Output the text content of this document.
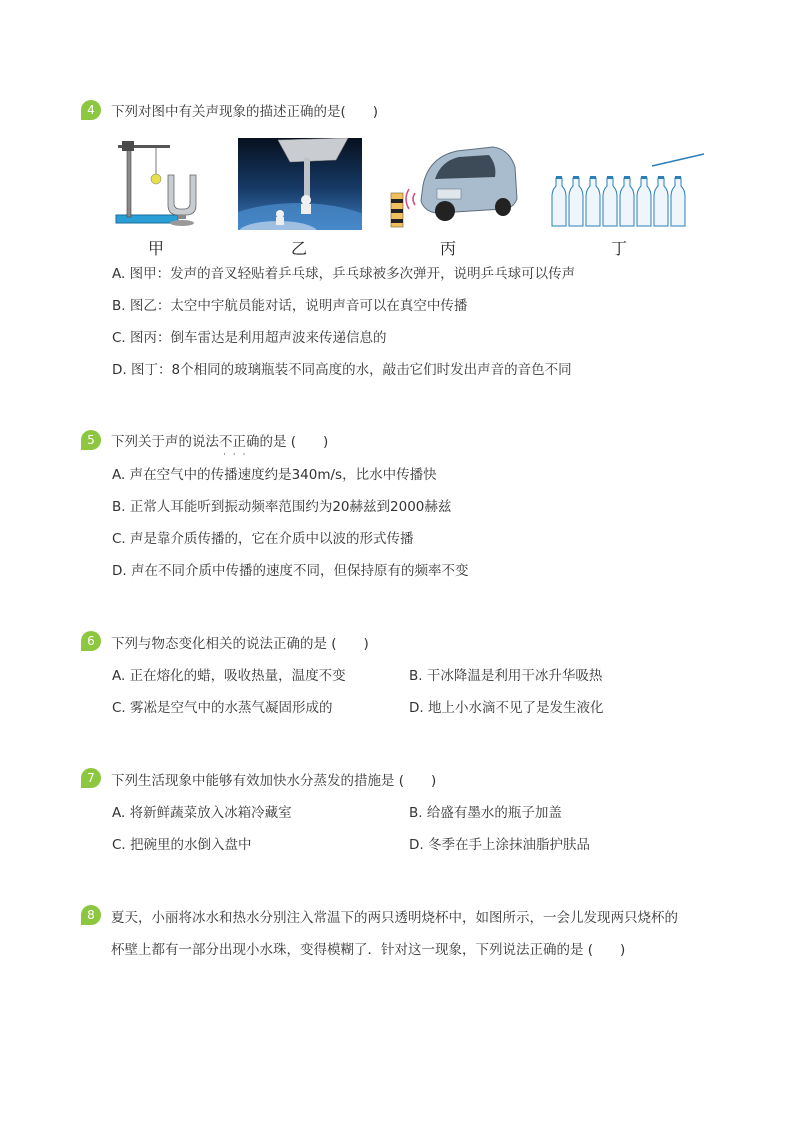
4	下列对图中有关声现象的描述正确的是(　　)
甲	乙	丙	丁
A. 图甲：发声的音叉轻贴着乒乓球，乒乓球被多次弹开，说明乒乓球可以传声
B. 图乙：太空中宇航员能对话，说明声音可以在真空中传播
C. 图丙：倒车雷达是利用超声波来传递信息的
D. 图丁：8个相同的玻璃瓶装不同高度的水，敲击它们时发出声音的音色不同
5	下列关于声的说法不正确 · · ·的是 (　　)
A. 声在空气中的传播速度约是340m/s，比水中传播快
B. 正常人耳能听到振动频率范围约为20赫兹到2000赫兹
C. 声是靠介质传播的，它在介质中以波的形式传播
D. 声在不同介质中传播的速度不同，但保持原有的频率不变
6	下列与物态变化相关的说法正确的是 (　　)
A. 正在熔化的蜡，吸收热量，温度不变	B. 干冰降温是利用干冰升华吸热
C. 雾凇是空气中的水蒸气凝固形成的	D. 地上小水滴不见了是发生液化
7	下列生活现象中能够有效加快水分蒸发的措施是 (　　)
A. 将新鲜蔬菜放入冰箱冷藏室	B. 给盛有墨水的瓶子加盖
C. 把碗里的水倒入盘中	D. 冬季在手上涂抹油脂护肤品
8	夏天，小丽将冰水和热水分别注入常温下的两只透明烧杯中，如图所示，一会儿发现两只烧杯的
杯壁上都有一部分出现小水珠，变得模糊了．针对这一现象，下列说法正确的是 (　　)
